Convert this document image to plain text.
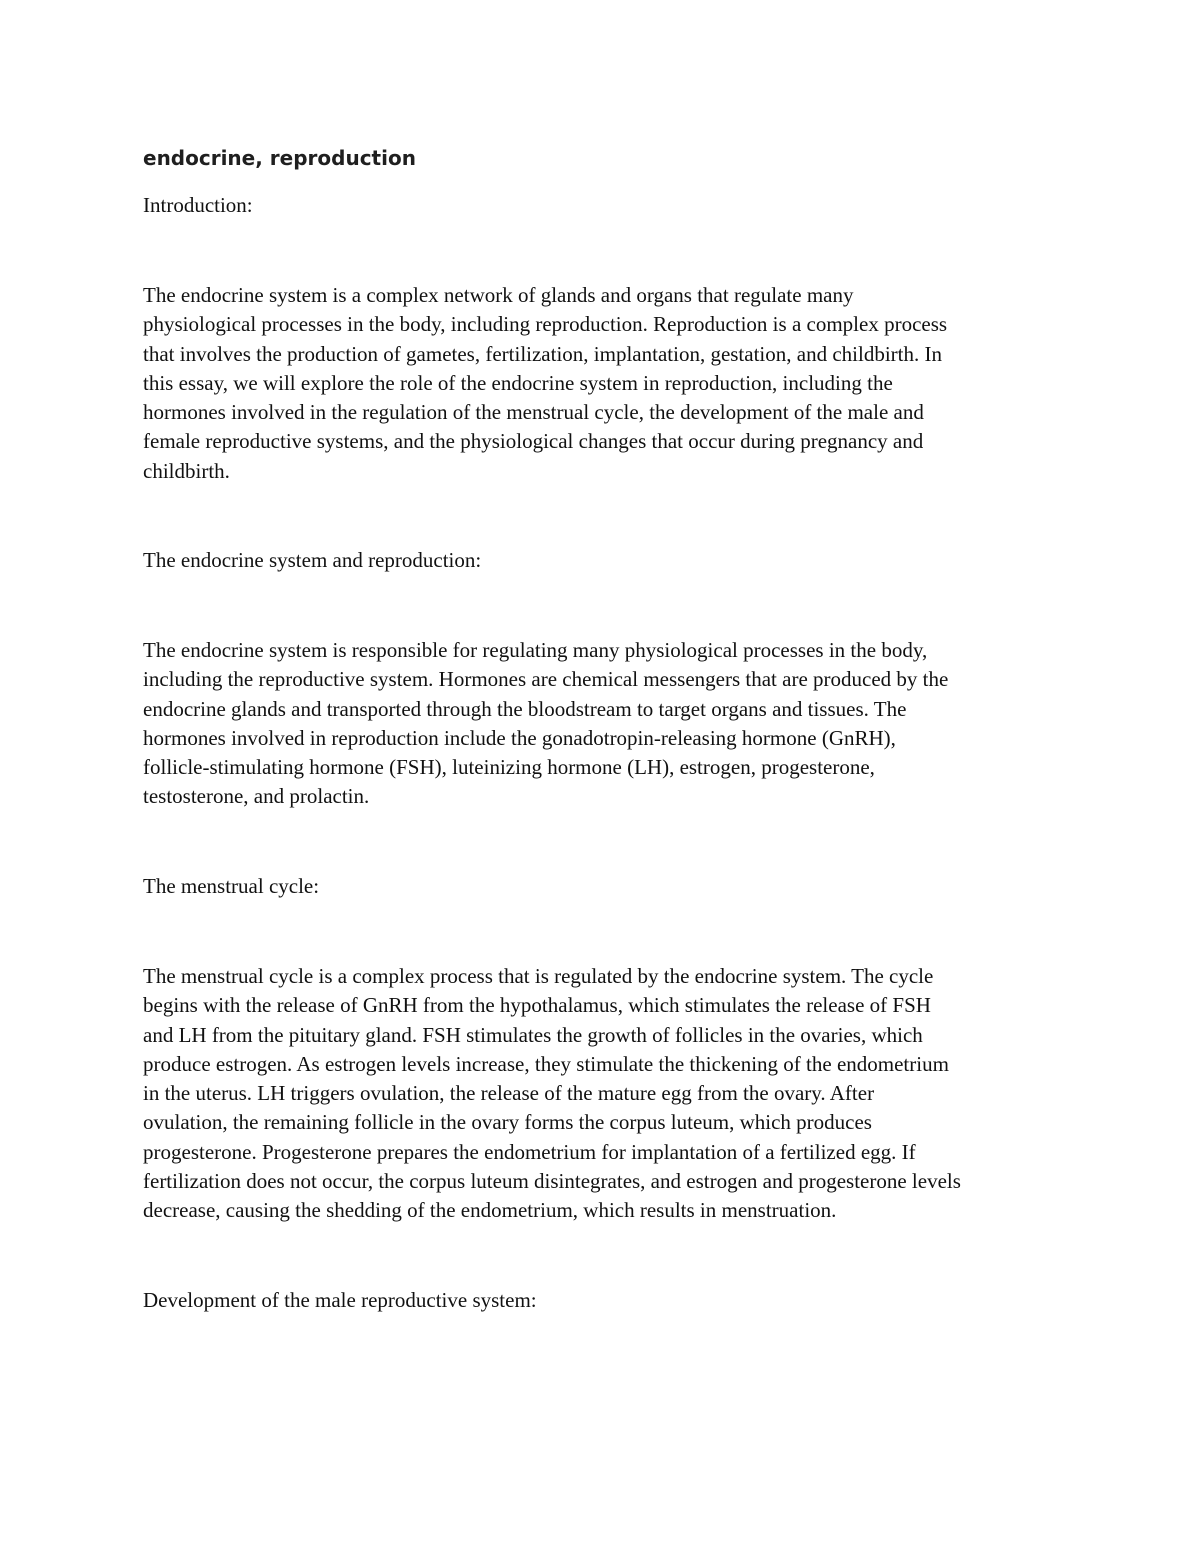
endocrine, reproduction

Introduction:

The endocrine system is a complex network of glands and organs that regulate many
physiological processes in the body, including reproduction. Reproduction is a complex process
that involves the production of gametes, fertilization, implantation, gestation, and childbirth. In
this essay, we will explore the role of the endocrine system in reproduction, including the
hormones involved in the regulation of the menstrual cycle, the development of the male and
female reproductive systems, and the physiological changes that occur during pregnancy and
childbirth.

The endocrine system and reproduction:

The endocrine system is responsible for regulating many physiological processes in the body,
including the reproductive system. Hormones are chemical messengers that are produced by the
endocrine glands and transported through the bloodstream to target organs and tissues. The
hormones involved in reproduction include the gonadotropin-releasing hormone (GnRH),
follicle-stimulating hormone (FSH), luteinizing hormone (LH), estrogen, progesterone,
testosterone, and prolactin.

The menstrual cycle:

The menstrual cycle is a complex process that is regulated by the endocrine system. The cycle
begins with the release of GnRH from the hypothalamus, which stimulates the release of FSH
and LH from the pituitary gland. FSH stimulates the growth of follicles in the ovaries, which
produce estrogen. As estrogen levels increase, they stimulate the thickening of the endometrium
in the uterus. LH triggers ovulation, the release of the mature egg from the ovary. After
ovulation, the remaining follicle in the ovary forms the corpus luteum, which produces
progesterone. Progesterone prepares the endometrium for implantation of a fertilized egg. If
fertilization does not occur, the corpus luteum disintegrates, and estrogen and progesterone levels
decrease, causing the shedding of the endometrium, which results in menstruation.

Development of the male reproductive system:
